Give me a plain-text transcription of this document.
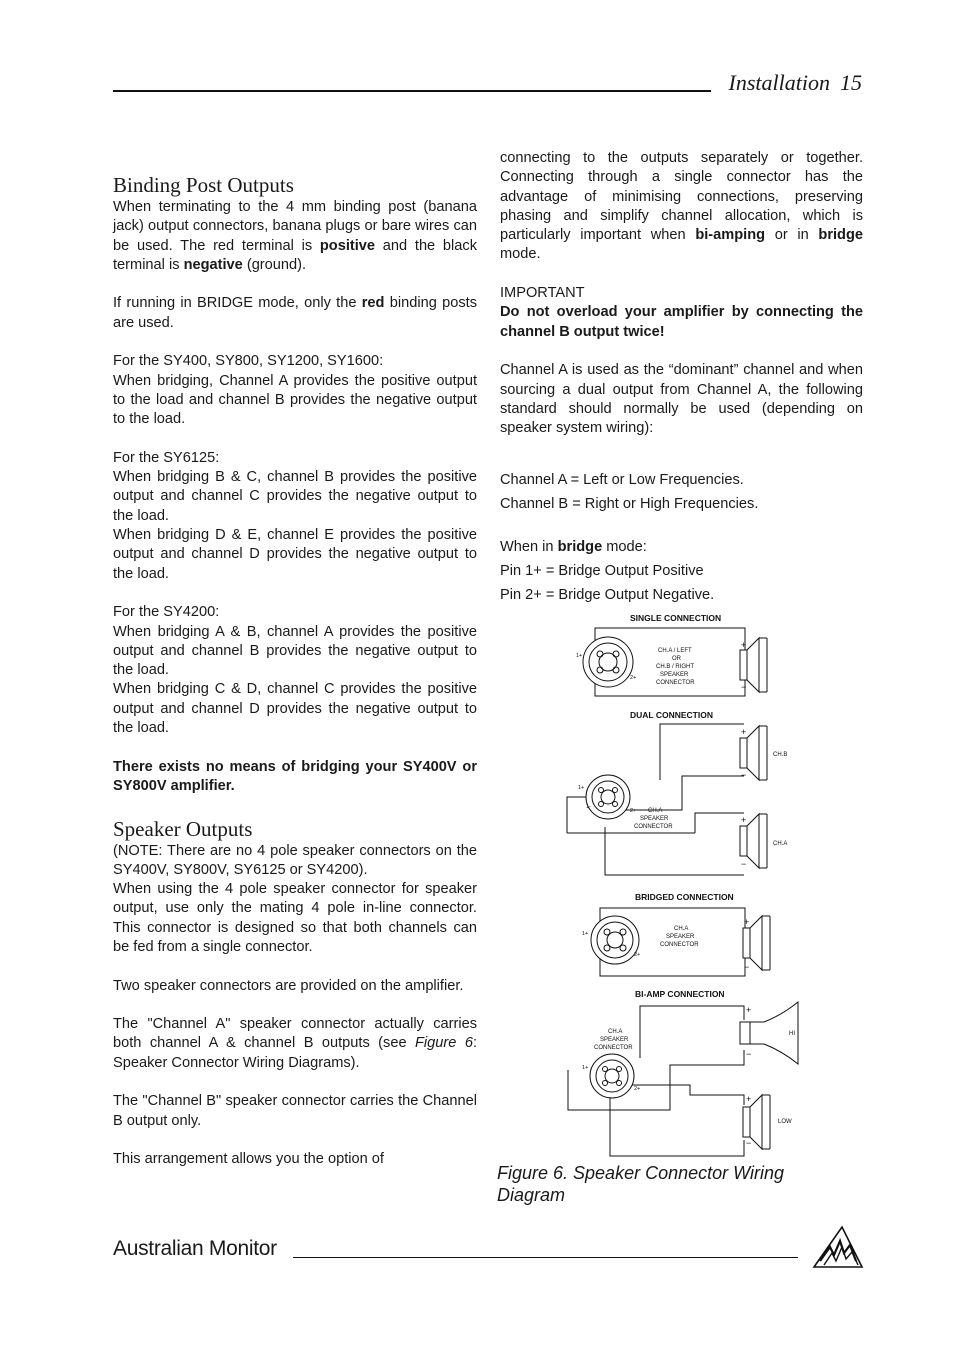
Installation 15
Binding Post Outputs

When terminating to the 4 mm binding post (banana jack) output connectors, banana plugs or bare wires can be used. The red terminal is positive and the black terminal is negative (ground).

If running in BRIDGE mode, only the red binding posts are used.

For the SY400, SY800, SY1200, SY1600:

When bridging, Channel A provides the positive output to the load and channel B provides the negative output to the load.

For the SY6125:

When bridging B & C, channel B provides the positive output and channel C provides the negative output to the load.

When bridging D & E, channel E provides the positive output and channel D provides the negative output to the load.

For the SY4200:

When bridging A & B, channel A provides the positive output and channel B provides the negative output to the load.

When bridging C & D, channel C provides the positive output and channel D provides the negative output to the load.

There exists no means of bridging your SY400V or SY800V amplifier.

Speaker Outputs

(NOTE: There are no 4 pole speaker connectors on the SY400V, SY800V, SY6125 or SY4200).

When using the 4 pole speaker connector for speaker output, use only the mating 4 pole in-line connector. This connector is designed so that both channels can be fed from a single connector.

Two speaker connectors are provided on the amplifier.

The "Channel A" speaker connector actually carries both channel A & channel B outputs (see Figure 6: Speaker Connector Wiring Diagrams).

The "Channel B" speaker connector carries the Channel B output only.

This arrangement allows you the option of

connecting to the outputs separately or together. Connecting through a single connector has the advantage of minimising connections, preserving phasing and simplify channel allocation, which is particularly important when bi-amping or in bridge mode.

IMPORTANT

Do not overload your amplifier by connecting the channel B output twice!

Channel A is used as the “dominant” channel and when sourcing a dual output from Channel A, the following standard should normally be used (depending on speaker system wiring):

Channel A = Left or Low Frequencies.

Channel B = Right or High Frequencies.

When in bridge mode:

Pin 1+ = Bridge Output Positive

Pin 2+ = Bridge Output Negative.

SINGLE CONNECTION
1+
2+
CH.A / LEFT
OR
CH.B / RIGHT
SPEAKER
CONNECTOR
+
−
DUAL CONNECTION
1+
1-
2+ CH.A
SPEAKER
CONNECTOR
+
−
CH.B
+
−
CH.A
BRIDGED CONNECTION
1+
2+
CH.A
SPEAKER
CONNECTOR
+
−
BI-AMP CONNECTION
1+
2+
CH.A
SPEAKER
CONNECTOR
+
−
HI
+
−
LOW
Figure 6. Speaker Connector Wiring Diagram
Australian Monitor
